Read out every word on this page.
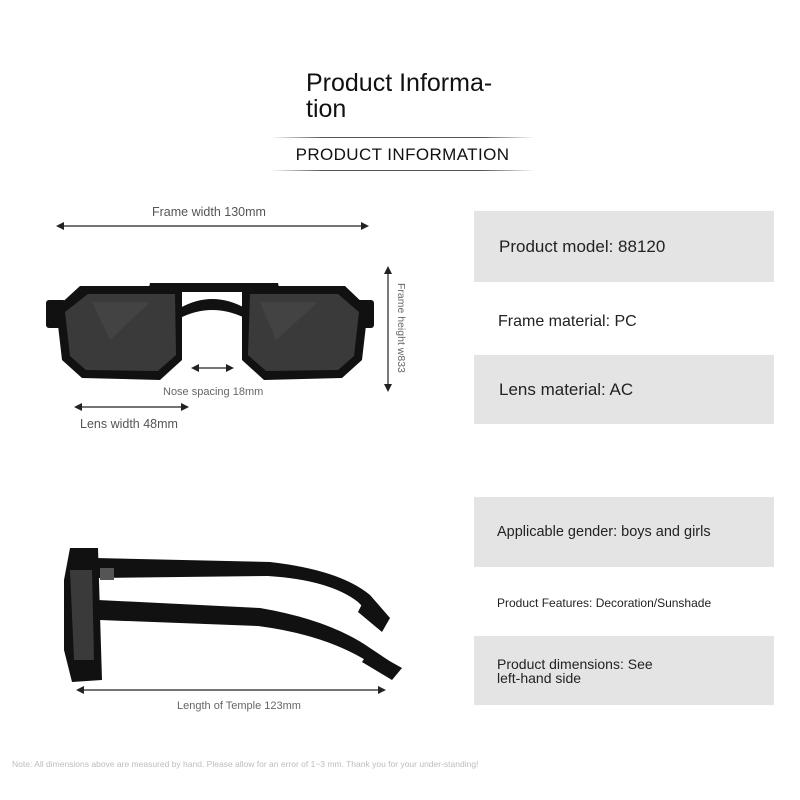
Product Informa-
tion
PRODUCT INFORMATION
Frame width 130mm
Frame height w833
Nose spacing 18mm
Lens width 48mm
Length of Temple 123mm
Product model: 88120
Frame material: PC
Lens material: AC
Applicable gender: boys and girls
Product Features: Decoration/Sunshade
Product dimensions: See
left-hand side
Note: All dimensions above are measured by hand. Please allow for an error of 1~3 mm. Thank you for your under-standing!
